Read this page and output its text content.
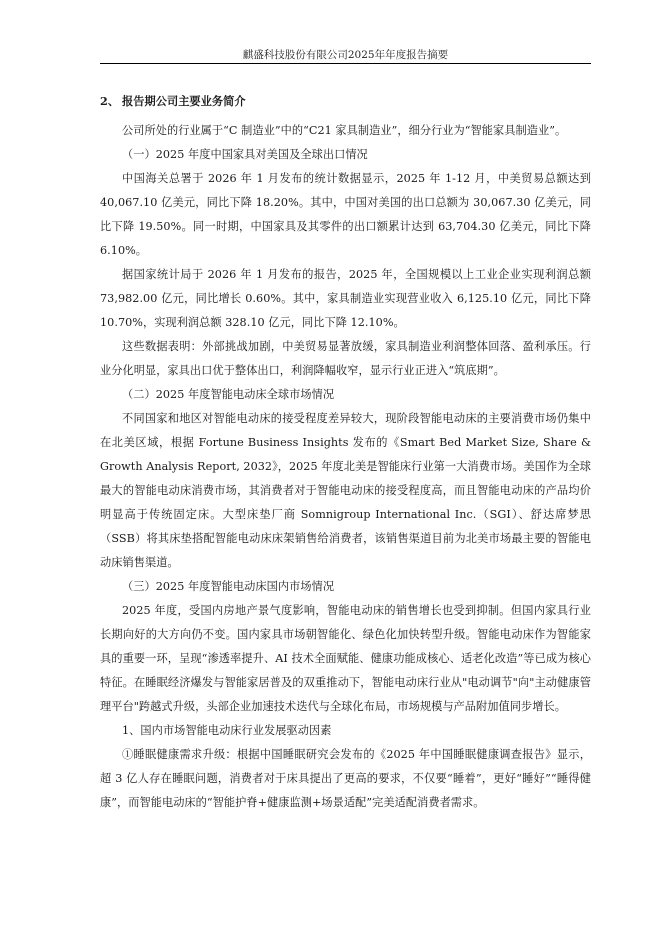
麒盛科技股份有限公司2025年年度报告摘要

2、 报告期公司主要业务简介

公司所处的行业属于“C 制造业”中的“C21 家具制造业”，细分行业为“智能家具制造业”。

（一）2025 年度中国家具对美国及全球出口情况

中国海关总署于 2026 年 1 月发布的统计数据显示，2025 年 1-12 月，中美贸易总额达到 40,067.10 亿美元，同比下降 18.20%。其中，中国对美国的出口总额为 30,067.30 亿美元，同比下降 19.50%。同一时期，中国家具及其零件的出口额累计达到 63,704.30 亿美元，同比下降 6.10%。

据国家统计局于 2026 年 1 月发布的报告，2025 年，全国规模以上工业企业实现利润总额 73,982.00 亿元，同比增长 0.60%。其中，家具制造业实现营业收入 6,125.10 亿元，同比下降 10.70%，实现利润总额 328.10 亿元，同比下降 12.10%。

这些数据表明：外部挑战加剧，中美贸易显著放缓，家具制造业利润整体回落、盈利承压。行业分化明显，家具出口优于整体出口，利润降幅收窄，显示行业正进入“筑底期”。

（二）2025 年度智能电动床全球市场情况

不同国家和地区对智能电动床的接受程度差异较大，现阶段智能电动床的主要消费市场仍集中在北美区域，根据 Fortune Business Insights 发布的《Smart Bed Market Size, Share & Growth Analysis Report, 2032》，2025 年度北美是智能床行业第一大消费市场。美国作为全球最大的智能电动床消费市场，其消费者对于智能电动床的接受程度高，而且智能电动床的产品均价明显高于传统固定床。大型床垫厂商 Somnigroup International Inc.（SGI）、舒达席梦思（SSB）将其床垫搭配智能电动床床架销售给消费者，该销售渠道目前为北美市场最主要的智能电动床销售渠道。

（三）2025 年度智能电动床国内市场情况

2025 年度，受国内房地产景气度影响，智能电动床的销售增长也受到抑制。但国内家具行业长期向好的大方向仍不变。国内家具市场朝智能化、绿色化加快转型升级。智能电动床作为智能家具的重要一环，呈现“渗透率提升、AI 技术全面赋能、健康功能成核心、适老化改造”等已成为核心特征。在睡眠经济爆发与智能家居普及的双重推动下，智能电动床行业从"电动调节"向"主动健康管理平台"跨越式升级，头部企业加速技术迭代与全球化布局，市场规模与产品附加值同步增长。

1、国内市场智能电动床行业发展驱动因素

①睡眠健康需求升级：根据中国睡眠研究会发布的《2025 年中国睡眠健康调查报告》显示，超 3 亿人存在睡眠问题，消费者对于床具提出了更高的要求，不仅要“睡着”，更好“睡好”“睡得健康”，而智能电动床的“智能护脊+健康监测+场景适配”完美适配消费者需求。
